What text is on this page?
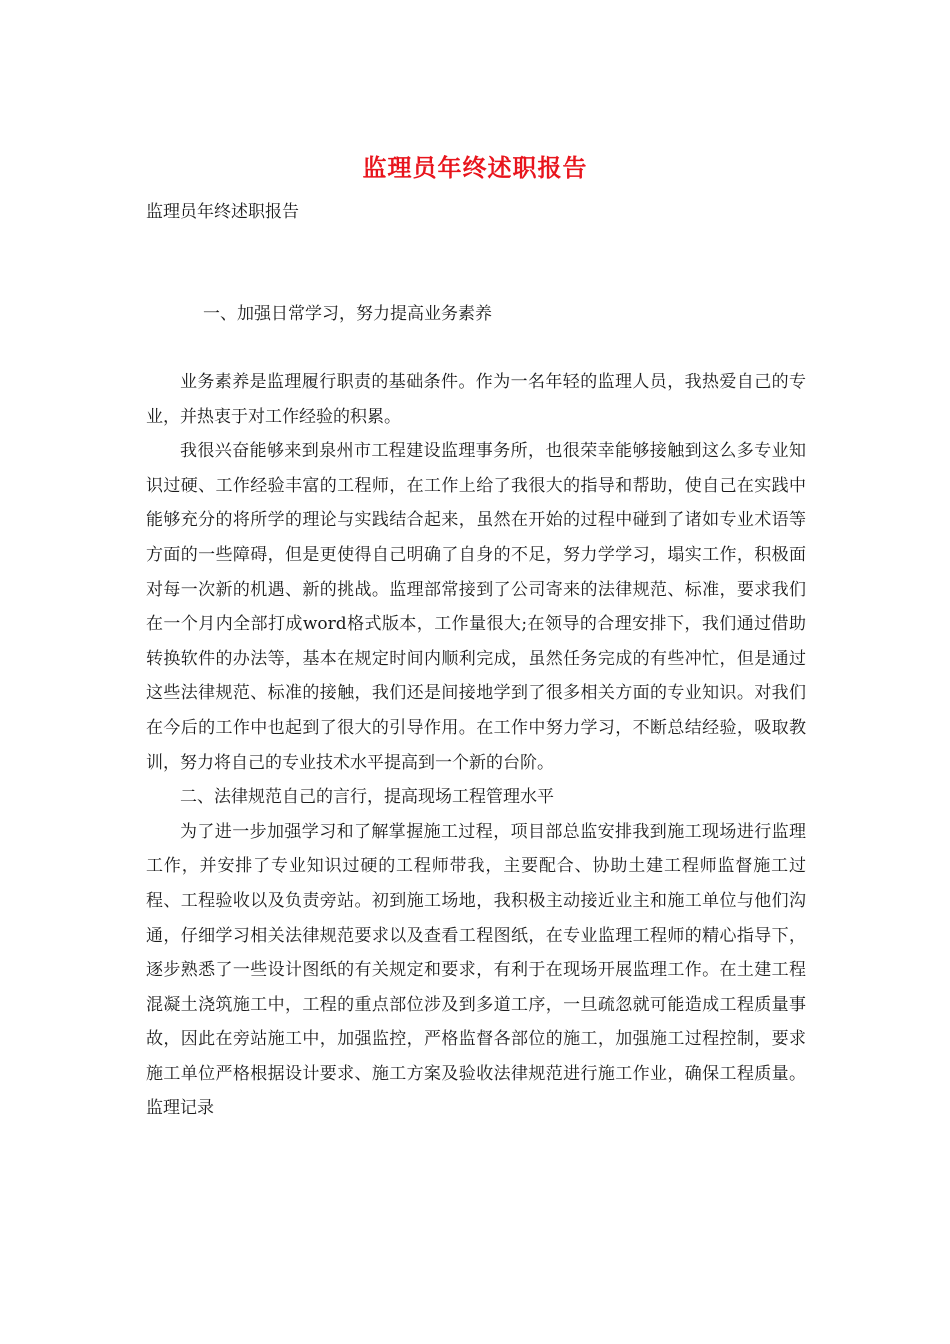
监理员年终述职报告
监理员年终述职报告
一、加强日常学习，努力提高业务素养

业务素养是监理履行职责的基础条件。作为一名年轻的监理人员，我热爱自己的专业，并热衷于对工作经验的积累。

我很兴奋能够来到泉州市工程建设监理事务所，也很荣幸能够接触到这么多专业知识过硬、工作经验丰富的工程师，在工作上给了我很大的指导和帮助，使自己在实践中能够充分的将所学的理论与实践结合起来，虽然在开始的过程中碰到了诸如专业术语等方面的一些障碍，但是更使得自己明确了自身的不足，努力学学习，塌实工作，积极面对每一次新的机遇、新的挑战。监理部常接到了公司寄来的法律规范、标准，要求我们在一个月内全部打成word格式版本，工作量很大;在领导的合理安排下，我们通过借助转换软件的办法等，基本在规定时间内顺利完成，虽然任务完成的有些冲忙，但是通过这些法律规范、标准的接触，我们还是间接地学到了很多相关方面的专业知识。对我们在今后的工作中也起到了很大的引导作用。在工作中努力学习，不断总结经验，吸取教训，努力将自己的专业技术水平提高到一个新的台阶。

二、法律规范自己的言行，提高现场工程管理水平

为了进一步加强学习和了解掌握施工过程，项目部总监安排我到施工现场进行监理工作，并安排了专业知识过硬的工程师带我，主要配合、协助土建工程师监督施工过程、工程验收以及负责旁站。初到施工场地，我积极主动接近业主和施工单位与他们沟通，仔细学习相关法律规范要求以及查看工程图纸，在专业监理工程师的精心指导下，逐步熟悉了一些设计图纸的有关规定和要求，有利于在现场开展监理工作。在土建工程混凝土浇筑施工中，工程的重点部位涉及到多道工序，一旦疏忽就可能造成工程质量事故，因此在旁站施工中，加强监控，严格监督各部位的施工，加强施工过程控制，要求施工单位严格根据设计要求、施工方案及验收法律规范进行施工作业，确保工程质量。监理记录
